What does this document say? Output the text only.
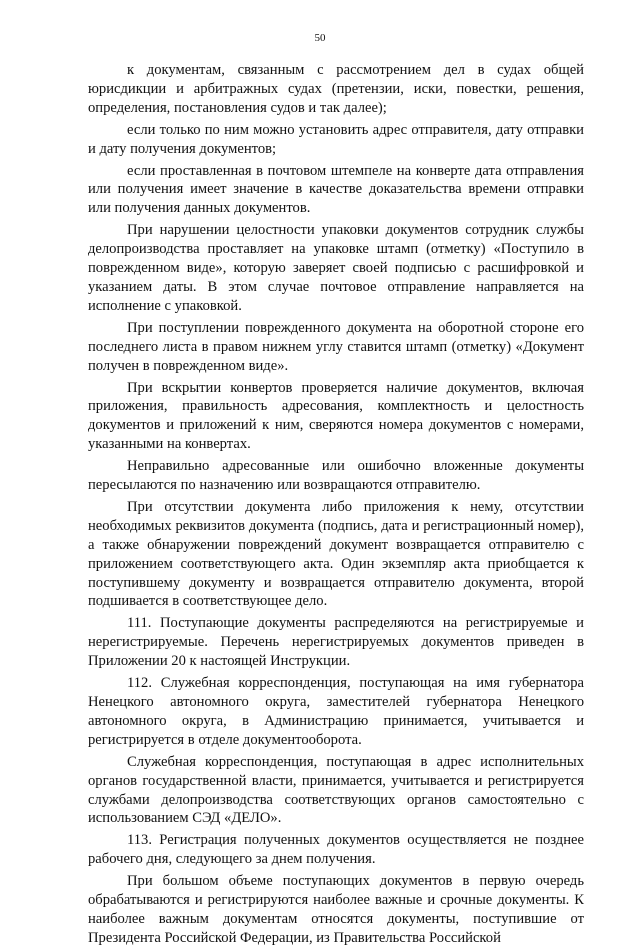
50

к документам, связанным с рассмотрением дел в судах общей юрисдикции и арбитражных судах (претензии, иски, повестки, решения, определения, постановления судов и так далее);

если только по ним можно установить адрес отправителя, дату отправки и дату получения документов;

если проставленная в почтовом штемпеле на конверте дата отправления или получения имеет значение в качестве доказательства времени отправки или получения данных документов.

При нарушении целостности упаковки документов сотрудник службы делопроизводства проставляет на упаковке штамп (отметку) «Поступило в поврежденном виде», которую заверяет своей подписью с расшифровкой и указанием даты. В этом случае почтовое отправление направляется на исполнение с упаковкой.

При поступлении поврежденного документа на оборотной стороне его последнего листа в правом нижнем углу ставится штамп (отметку) «Документ получен в поврежденном виде».

При вскрытии конвертов проверяется наличие документов, включая приложения, правильность адресования, комплектность и целостность документов и приложений к ним, сверяются номера документов с номерами, указанными на конвертах.

Неправильно адресованные или ошибочно вложенные документы пересылаются по назначению или возвращаются отправителю.

При отсутствии документа либо приложения к нему, отсутствии необходимых реквизитов документа (подпись, дата и регистрационный номер), а также обнаружении повреждений документ возвращается отправителю с приложением соответствующего акта. Один экземпляр акта приобщается к поступившему документу и возвращается отправителю документа, второй подшивается в соответствующее дело.

111. Поступающие документы распределяются на регистрируемые и нерегистрируемые. Перечень нерегистрируемых документов приведен в Приложении 20 к настоящей Инструкции.

112. Служебная корреспонденция, поступающая на имя губернатора Ненецкого автономного округа, заместителей губернатора Ненецкого автономного округа, в Администрацию принимается, учитывается и регистрируется в отделе документооборота.

Служебная корреспонденция, поступающая в адрес исполнительных органов государственной власти, принимается, учитывается и регистрируется службами делопроизводства соответствующих органов самостоятельно с использованием СЭД «ДЕЛО».

113. Регистрация полученных документов осуществляется не позднее рабочего дня, следующего за днем получения.

При большом объеме поступающих документов в первую очередь обрабатываются и регистрируются наиболее важные и срочные документы. К наиболее важным документам относятся документы, поступившие от Президента Российской Федерации, из Правительства Российской
